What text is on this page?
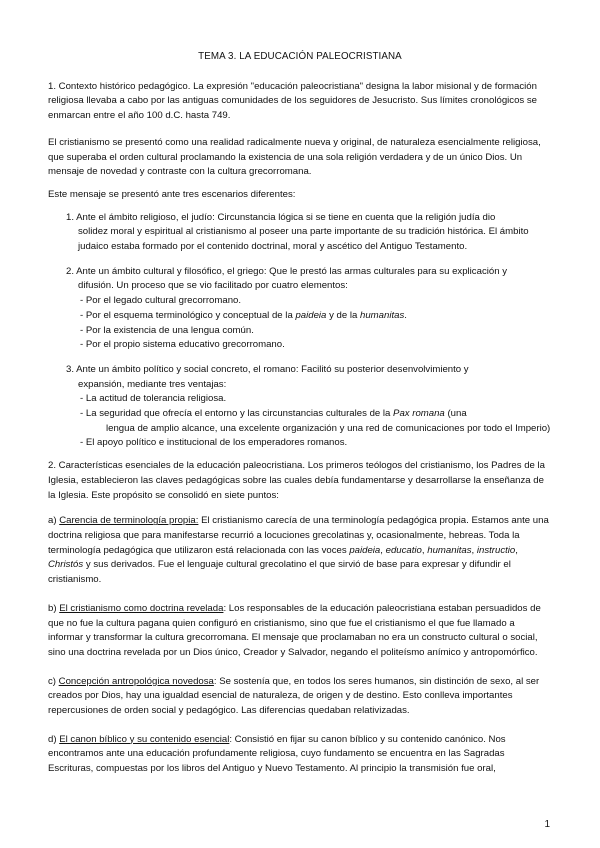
TEMA 3. LA EDUCACIÓN PALEOCRISTIANA

1. Contexto histórico pedagógico. La expresión "educación paleocristiana" designa la labor misional y de formación religiosa llevaba a cabo por las antiguas comunidades de los seguidores de Jesucristo. Sus límites cronológicos se enmarcan entre el año 100 d.C. hasta 749.

El cristianismo se presentó como una realidad radicalmente nueva y original, de naturaleza esencialmente religiosa, que superaba el orden cultural proclamando la existencia de una sola religión verdadera y de un único Dios. Un mensaje de novedad y contraste con la cultura grecorromana.

Este mensaje se presentó ante tres escenarios diferentes:

1. Ante el ámbito religioso, el judío: Circunstancia lógica si se tiene en cuenta que la religión judía dio

solidez moral y espiritual al cristianismo al poseer una parte importante de su tradición histórica. El ámbito judaico estaba formado por el contenido doctrinal, moral y ascético del Antiguo Testamento.

2. Ante un ámbito cultural y filosófico, el griego: Que le prestó las armas culturales para su explicación y

difusión. Un proceso que se vio facilitado por cuatro elementos:

- Por el legado cultural grecorromano.

- Por el esquema terminológico y conceptual de la paideia y de la humanitas.

- Por la existencia de una lengua común.

- Por el propio sistema educativo grecorromano.

3. Ante un ámbito político y social concreto, el romano: Facilitó su posterior desenvolvimiento y

expansión, mediante tres ventajas:

- La actitud de tolerancia religiosa.

- La seguridad que ofrecía el entorno y las circunstancias culturales de la Pax romana (una

lengua de amplio alcance, una excelente organización y una red de comunicaciones por todo el Imperio)

- El apoyo político e institucional de los emperadores romanos.

2. Características esenciales de la educación paleocristiana. Los primeros teólogos del cristianismo, los Padres de la Iglesia, establecieron las claves pedagógicas sobre las cuales debía fundamentarse y desarrollarse la enseñanza de la Iglesia. Este propósito se consolidó en siete puntos:

a) Carencia de terminología propia: El cristianismo carecía de una terminología pedagógica propia. Estamos ante una doctrina religiosa que para manifestarse recurrió a locuciones grecolatinas y, ocasionalmente, hebreas. Toda la terminología pedagógica que utilizaron está relacionada con las voces paideia, educatio, humanitas, instructio, Christós y sus derivados. Fue el lenguaje cultural grecolatino el que sirvió de base para expresar y difundir el cristianismo.

b) El cristianismo como doctrina revelada: Los responsables de la educación paleocristiana estaban persuadidos de que no fue la cultura pagana quien configuró en cristianismo, sino que fue el cristianismo el que fue llamado a informar y transformar la cultura grecorromana. El mensaje que proclamaban no era un constructo cultural o social, sino una doctrina revelada por un Dios único, Creador y Salvador, negando el politeísmo anímico y antropomórfico.

c) Concepción antropológica novedosa: Se sostenía que, en todos los seres humanos, sin distinción de sexo, al ser creados por Dios, hay una igualdad esencial de naturaleza, de origen y de destino. Esto conlleva importantes repercusiones de orden social y pedagógico. Las diferencias quedaban relativizadas.

d) El canon bíblico y su contenido esencial: Consistió en fijar su canon bíblico y su contenido canónico. Nos encontramos ante una educación profundamente religiosa, cuyo fundamento se encuentra en las Sagradas Escrituras, compuestas por los libros del Antiguo y Nuevo Testamento. Al principio la transmisión fue oral,

1
